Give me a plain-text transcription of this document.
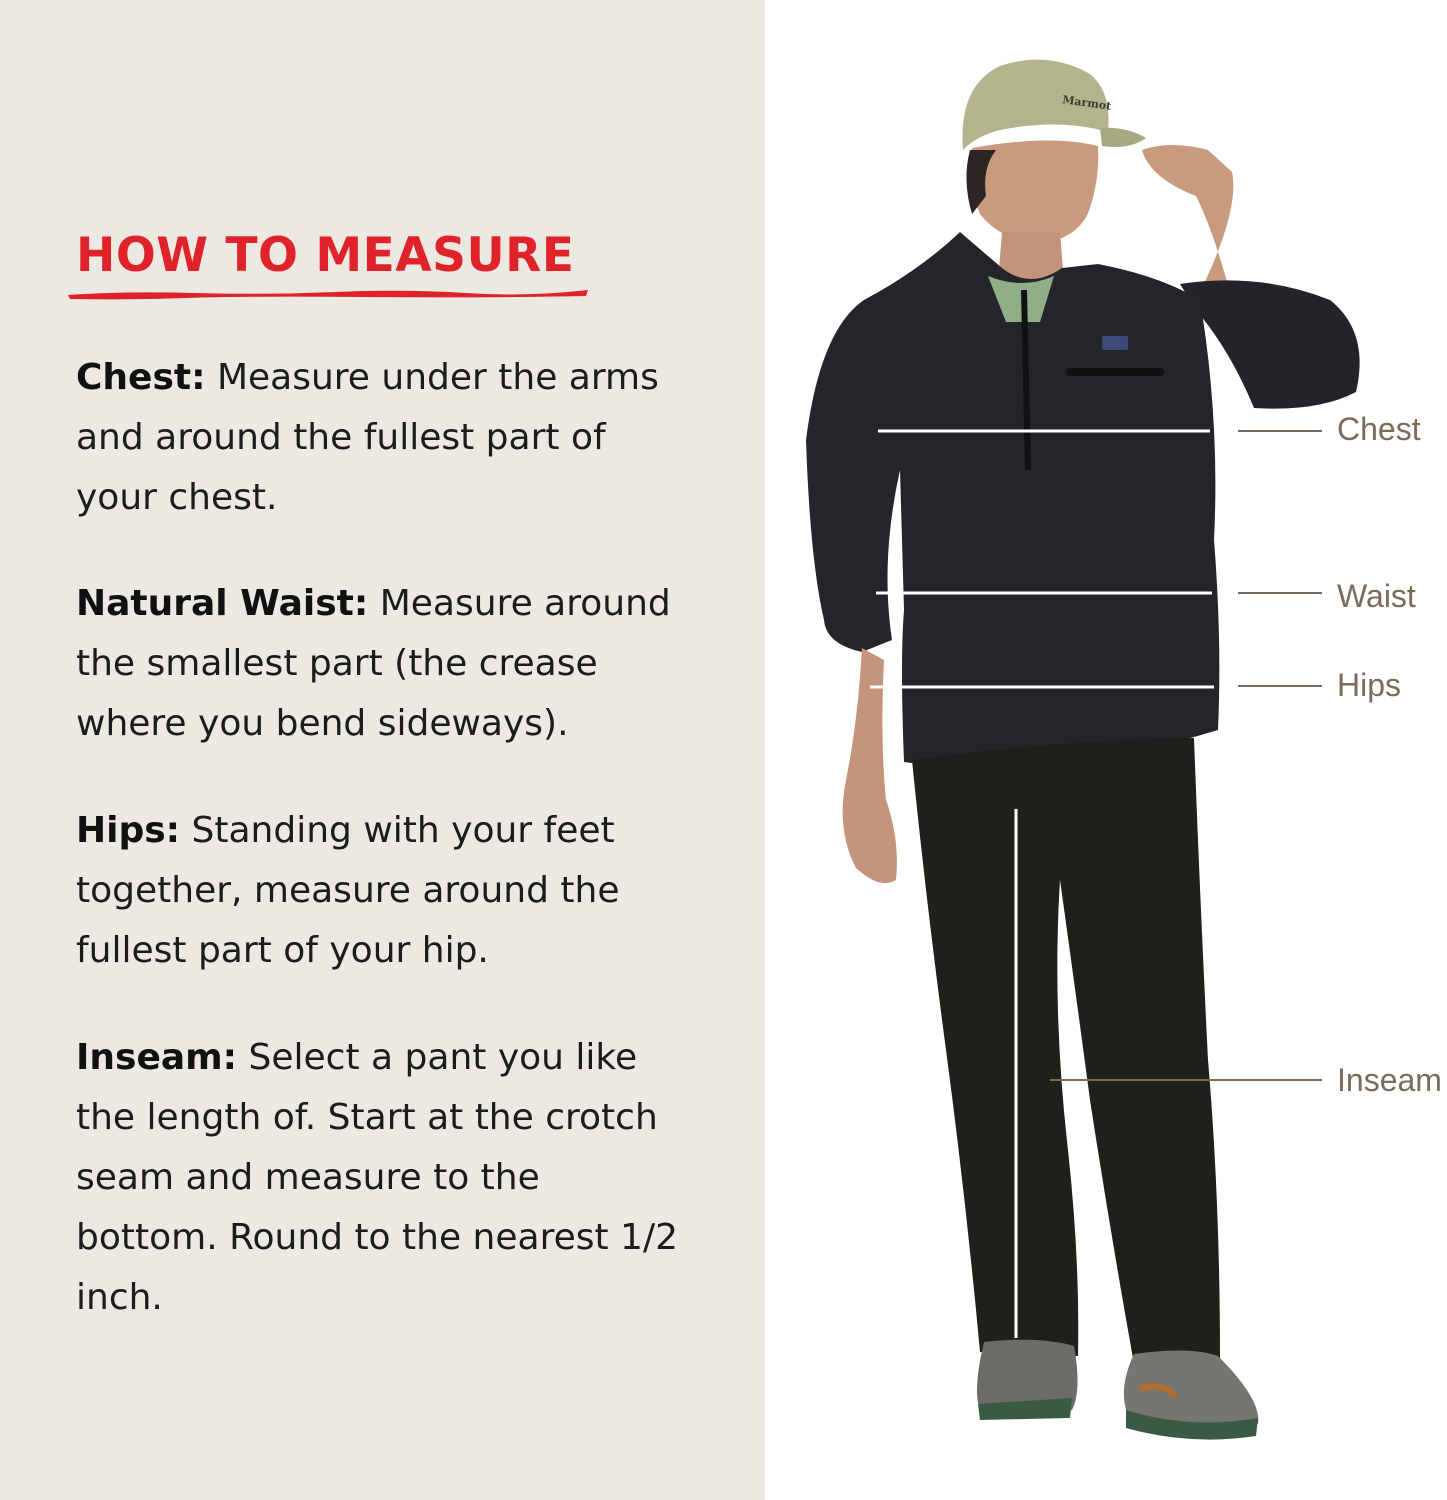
HOW TO MEASURE

Chest: Measure under the arms and around the fullest part of your chest.

Natural Waist: Measure around the smallest part (the crease where you bend sideways).

Hips: Standing with your feet together, measure around the fullest part of your hip.

Inseam: Select a pant you like the length of. Start at the crotch seam and measure to the bottom. Round to the nearest 1/2 inch.

Marmot
Chest
Waist
Hips
Inseam
